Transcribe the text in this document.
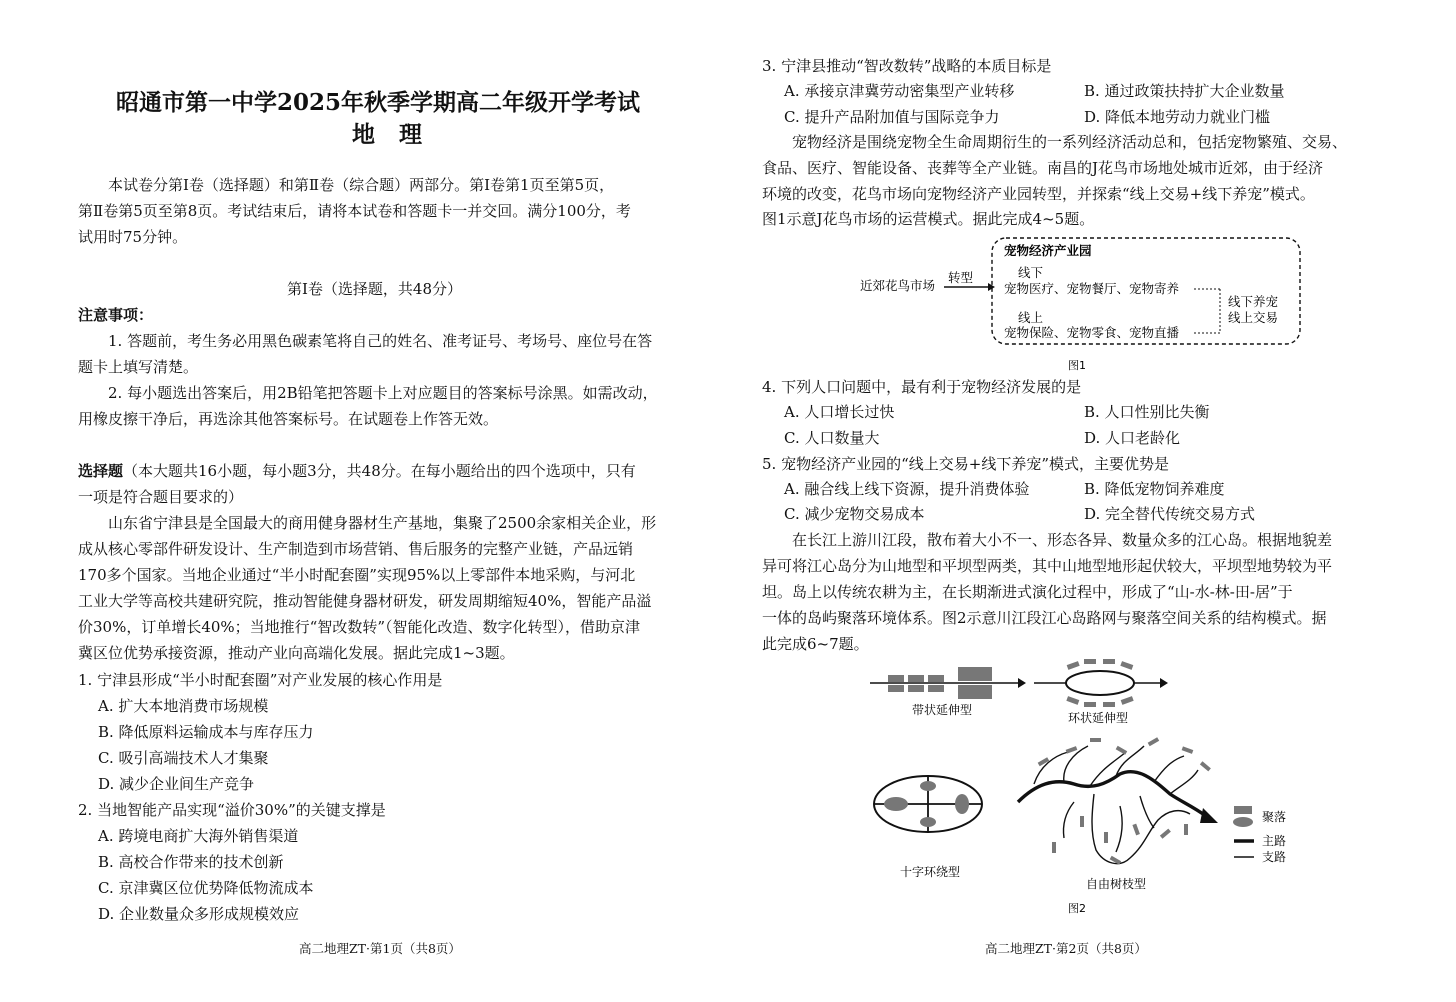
昭通市第一中学2025年秋季学期高二年级开学考试
地理
本试卷分第Ⅰ卷（选择题）和第Ⅱ卷（综合题）两部分。第Ⅰ卷第1页至第5页，
第Ⅱ卷第5页至第8页。考试结束后，请将本试卷和答题卡一并交回。满分100分，考
试用时75分钟。
第Ⅰ卷（选择题，共48分）
注意事项：
1. 答题前，考生务必用黑色碳素笔将自己的姓名、准考证号、考场号、座位号在答
题卡上填写清楚。
2. 每小题选出答案后，用2B铅笔把答题卡上对应题目的答案标号涂黑。如需改动，
用橡皮擦干净后，再选涂其他答案标号。在试题卷上作答无效。
选择题（本大题共16小题，每小题3分，共48分。在每小题给出的四个选项中，只有
一项是符合题目要求的）
山东省宁津县是全国最大的商用健身器材生产基地，集聚了2500余家相关企业，形
成从核心零部件研发设计、生产制造到市场营销、售后服务的完整产业链，产品远销
170多个国家。当地企业通过“半小时配套圈”实现95%以上零部件本地采购，与河北
工业大学等高校共建研究院，推动智能健身器材研发，研发周期缩短40%，智能产品溢
价30%，订单增长40%；当地推行“智改数转”（智能化改造、数字化转型），借助京津
冀区位优势承接资源，推动产业向高端化发展。据此完成1~3题。
1. 宁津县形成“半小时配套圈”对产业发展的核心作用是
A. 扩大本地消费市场规模
B. 降低原料运输成本与库存压力
C. 吸引高端技术人才集聚
D. 减少企业间生产竞争
2. 当地智能产品实现“溢价30%”的关键支撑是
A. 跨境电商扩大海外销售渠道
B. 高校合作带来的技术创新
C. 京津冀区位优势降低物流成本
D. 企业数量众多形成规模效应
高二地理ZT·第1页（共8页）
3. 宁津县推动“智改数转”战略的本质目标是
A. 承接京津冀劳动密集型产业转移	B. 通过政策扶持扩大企业数量
C. 提升产品附加值与国际竞争力	D. 降低本地劳动力就业门槛
宠物经济是围绕宠物全生命周期衍生的一系列经济活动总和，包括宠物繁殖、交易、
食品、医疗、智能设备、丧葬等全产业链。南昌的J花鸟市场地处城市近郊，由于经济
环境的改变，花鸟市场向宠物经济产业园转型，并探索“线上交易+线下养宠”模式。
图1示意J花鸟市场的运营模式。据此完成4~5题。
近郊花鸟市场
转型
宠物经济产业园
线下
宠物医疗、宠物餐厅、宠物寄养
线上
宠物保险、宠物零食、宠物直播
线下养宠
线上交易
图1
4. 下列人口问题中，最有利于宠物经济发展的是
A. 人口增长过快	B. 人口性别比失衡
C. 人口数量大	D. 人口老龄化
5. 宠物经济产业园的“线上交易+线下养宠”模式，主要优势是
A. 融合线上线下资源，提升消费体验	B. 降低宠物饲养难度
C. 减少宠物交易成本	D. 完全替代传统交易方式
在长江上游川江段，散布着大小不一、形态各异、数量众多的江心岛。根据地貌差
异可将江心岛分为山地型和平坝型两类，其中山地型地形起伏较大，平坝型地势较为平
坦。岛上以传统农耕为主，在长期渐进式演化过程中，形成了“山-水-林-田-居”于
一体的岛屿聚落环境体系。图2示意川江段江心岛路网与聚落空间关系的结构模式。据
此完成6~7题。
带状延伸型
环状延伸型
十字环绕型
自由树枝型
聚落
主路
支路
图2
高二地理ZT·第2页（共8页）
